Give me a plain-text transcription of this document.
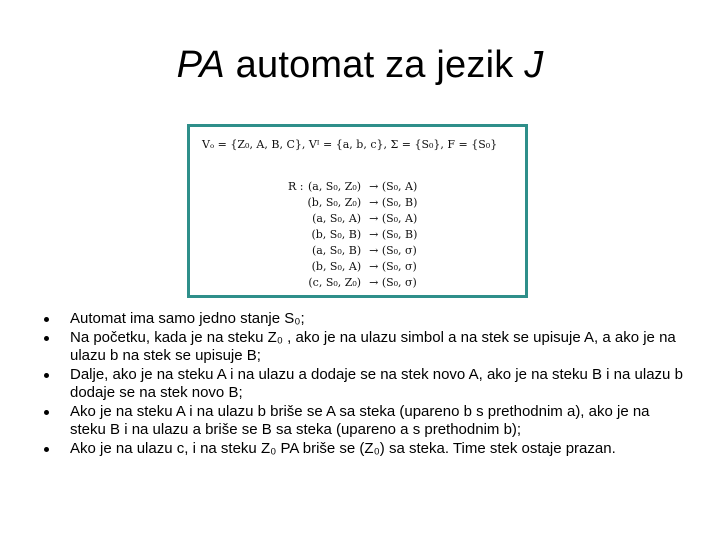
PA automat za jezik J
Vₒ = {Z₀, A, B, C}, Vᴵ = {a, b, c}, Σ = {S₀}, F = {S₀}
R :	(a, S₀, Z₀)	→ (S₀, A)
	(b, S₀, Z₀)	→ (S₀, B)
	(a, S₀, A)	→ (S₀, A)
	(b, S₀, B)	→ (S₀, B)
	(a, S₀, B)	→ (S₀, σ)
	(b, S₀, A)	→ (S₀, σ)
	(c, S₀, Z₀)	→ (S₀, σ)
Automat ima samo jedno stanje S₀;
Na početku, kada je na steku Z₀ , ako je na ulazu simbol a na stek se upisuje A, a ako je na ulazu b na stek se upisuje B;
Dalje, ako je na steku A i na ulazu a dodaje se na stek novo A, ako je na steku B i na ulazu b dodaje se na stek novo B;
Ako je na steku A i na ulazu b briše se A sa steka (upareno b s prethodnim a), ako je na steku B i na ulazu a briše se B sa steka (upareno a s prethodnim b);
Ako je na ulazu c, i na steku Z₀ PA briše se (Z₀) sa steka. Time stek ostaje prazan.
